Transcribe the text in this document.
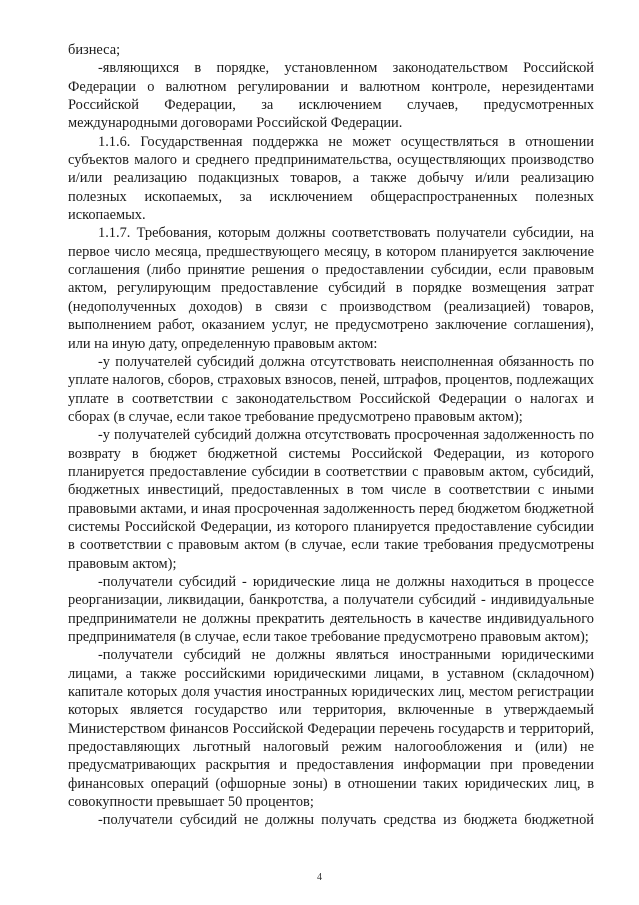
бизнеса;

-являющихся в порядке, установленном законодательством Российской Федерации о валютном регулировании и валютном контроле, нерезидентами Российской Федерации, за исключением случаев, предусмотренных международными договорами Российской Федерации.

1.1.6. Государственная поддержка не может осуществляться в отношении субъектов малого и среднего предпринимательства, осуществляющих производство и/или реализацию подакцизных товаров, а также добычу и/или реализацию полезных ископаемых, за исключением общераспространенных полезных ископаемых.

1.1.7. Требования, которым должны соответствовать получатели субсидии, на первое число месяца, предшествующего месяцу, в котором планируется заключение соглашения (либо принятие решения о предоставлении субсидии, если правовым актом, регулирующим предоставление субсидий в порядке возмещения затрат (недополученных доходов) в связи с производством (реализацией) товаров, выполнением работ, оказанием услуг, не предусмотрено заключение соглашения), или на иную дату, определенную правовым актом:

-у получателей субсидий должна отсутствовать неисполненная обязанность по уплате налогов, сборов, страховых взносов, пеней, штрафов, процентов, подлежащих уплате в соответствии с законодательством Российской Федерации о налогах и сборах (в случае, если такое требование предусмотрено правовым актом);

-у получателей субсидий должна отсутствовать просроченная задолженность по возврату в бюджет бюджетной системы Российской Федерации, из которого планируется предоставление субсидии в соответствии с правовым актом, субсидий, бюджетных инвестиций, предоставленных в том числе в соответствии с иными правовыми актами, и иная просроченная задолженность перед бюджетом бюджетной системы Российской Федерации, из которого планируется предоставление субсидии в соответствии с правовым актом (в случае, если такие требования предусмотрены правовым актом);

-получатели субсидий - юридические лица не должны находиться в процессе реорганизации, ликвидации, банкротства, а получатели субсидий - индивидуальные предприниматели не должны прекратить деятельность в качестве индивидуального предпринимателя (в случае, если такое требование предусмотрено правовым актом);

-получатели субсидий не должны являться иностранными юридическими лицами, а также российскими юридическими лицами, в уставном (складочном) капитале которых доля участия иностранных юридических лиц, местом регистрации которых является государство или территория, включенные в утверждаемый Министерством финансов Российской Федерации перечень государств и территорий, предоставляющих льготный налоговый режим налогообложения и (или) не предусматривающих раскрытия и предоставления информации при проведении финансовых операций (офшорные зоны) в отношении таких юридических лиц, в совокупности превышает 50 процентов;

-получатели субсидий не должны получать средства из бюджета бюджетной

4
